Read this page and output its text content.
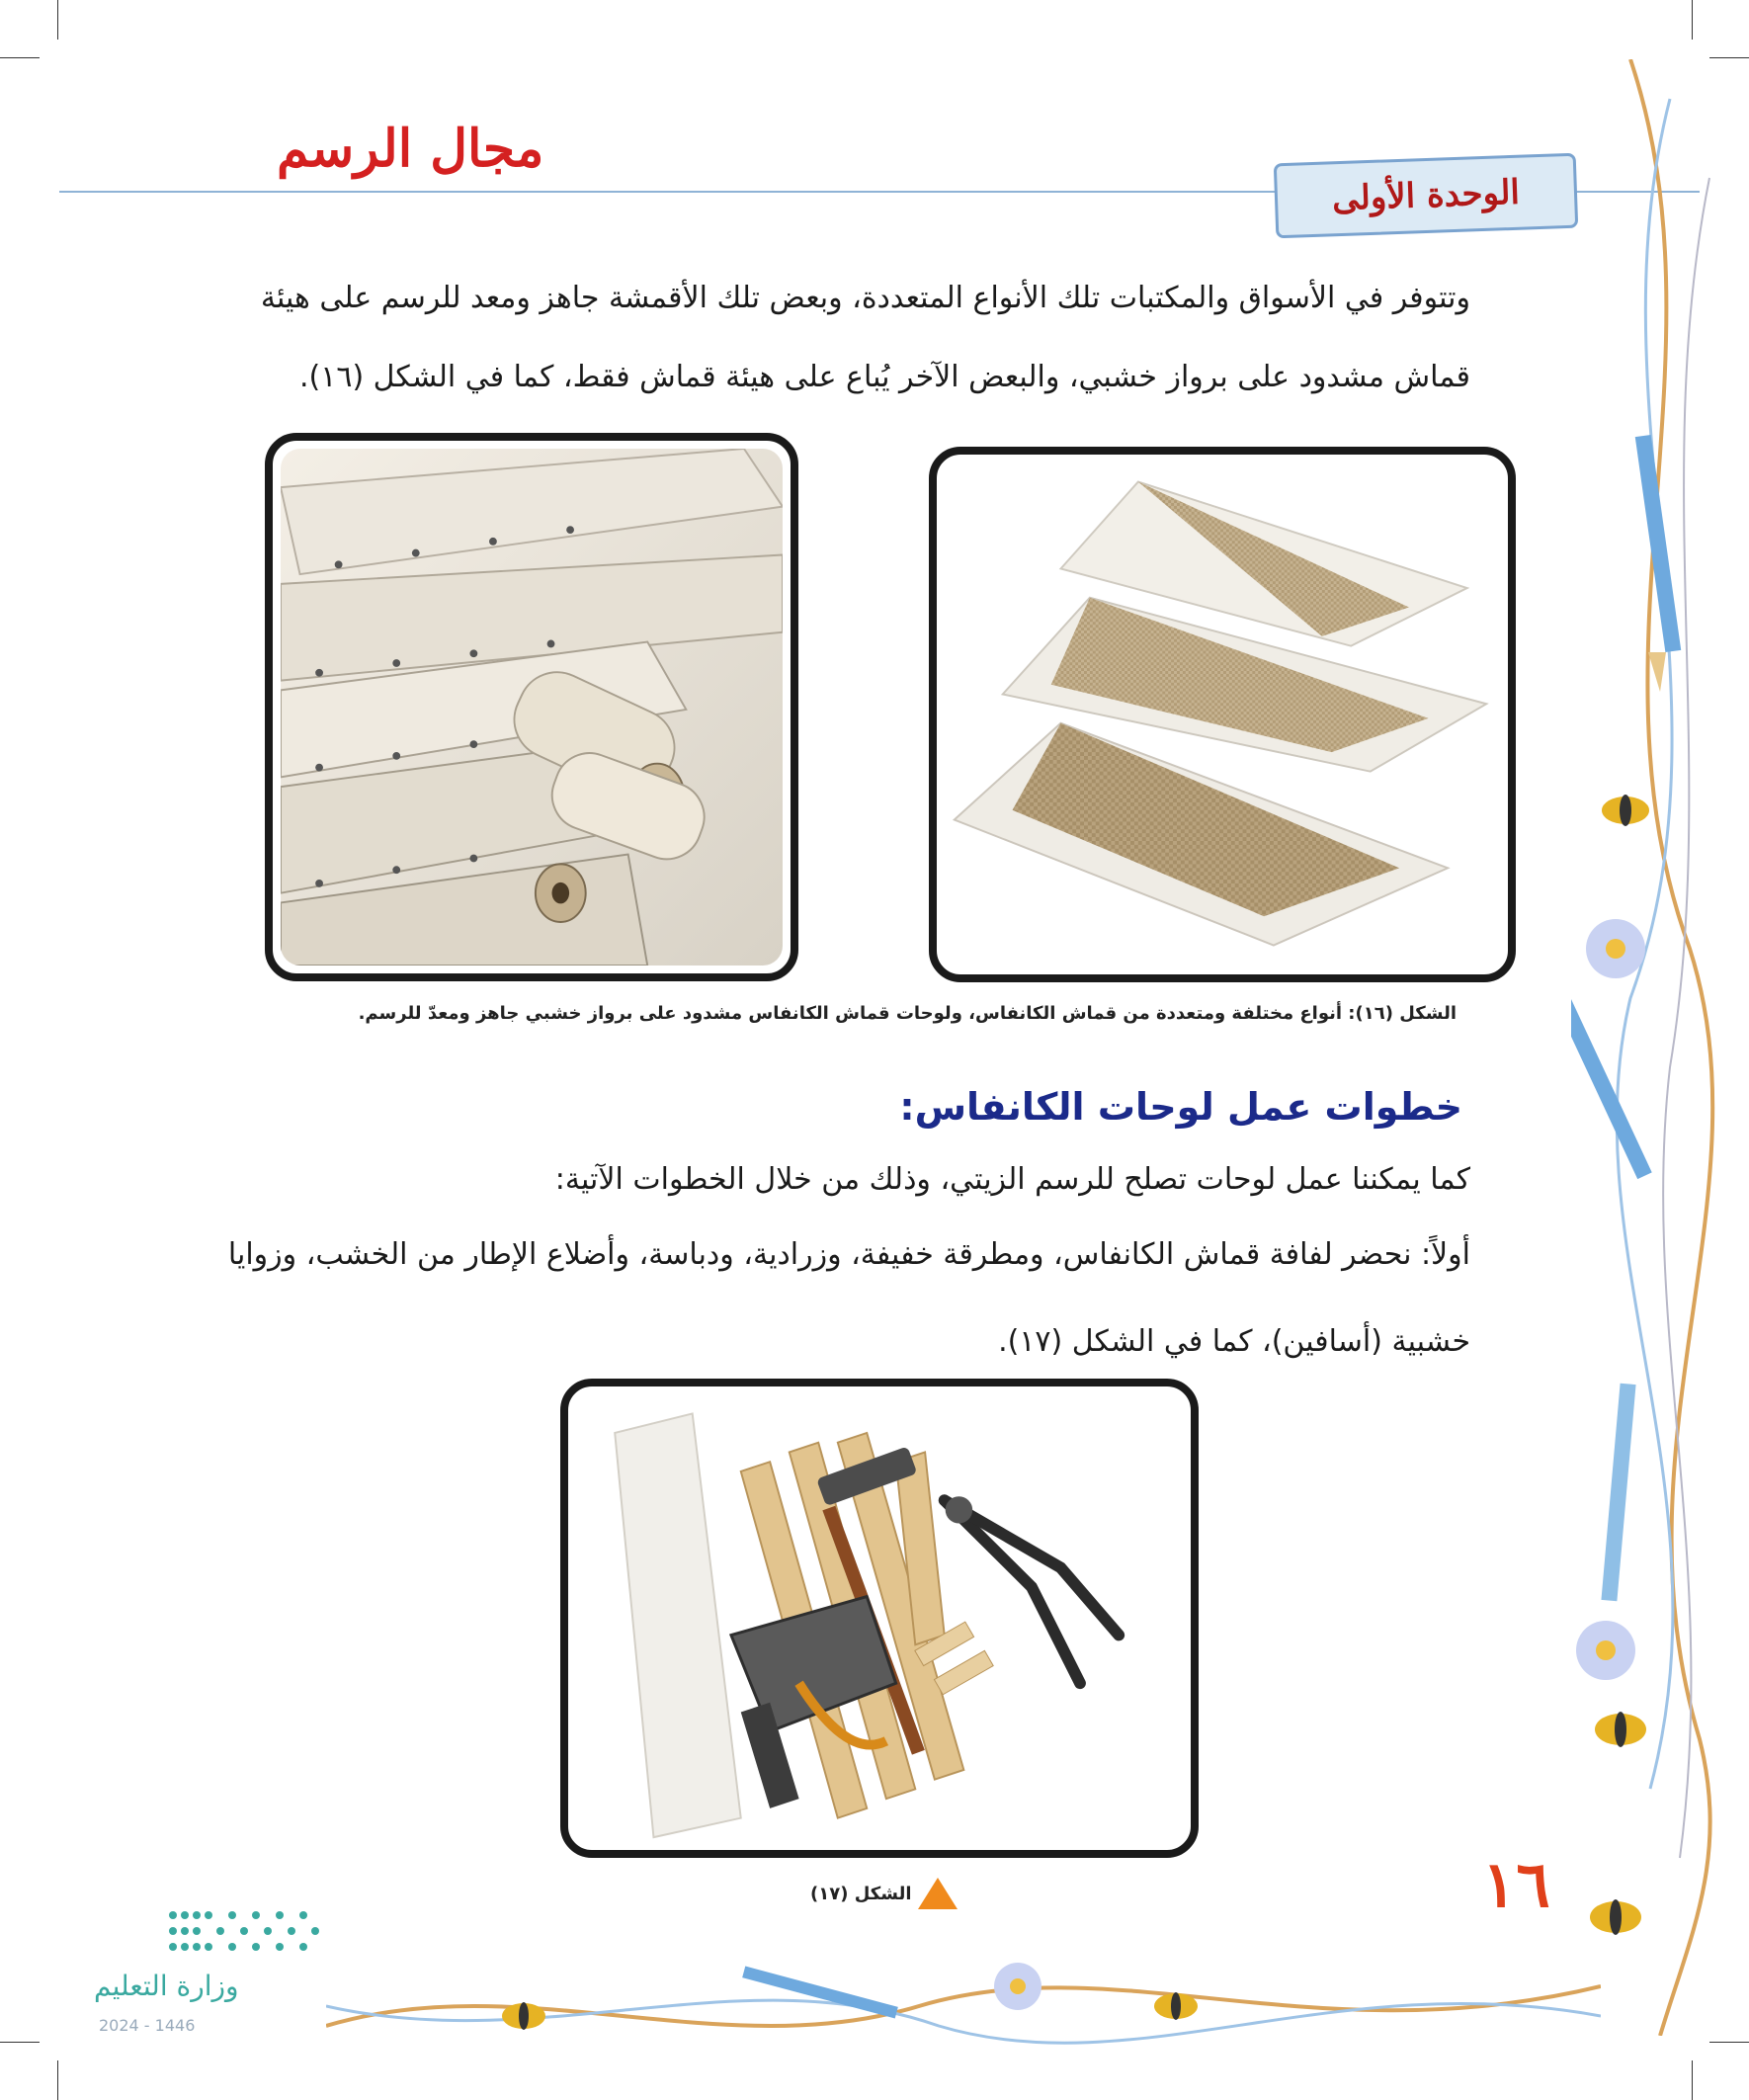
مجال الرسم
الوحدة الأولى
وتتوفر في الأسواق والمكتبات تلك الأنواع المتعددة، وبعض تلك الأقمشة جاهز ومعد للرسم على هيئة
قماش مشدود على برواز خشبي، والبعض الآخر يُباع على هيئة قماش فقط، كما في الشكل (١٦).
الشكل (١٦): أنواع مختلفة ومتعددة من قماش الكانفاس، ولوحات قماش الكانفاس مشدود على برواز خشبي جاهز ومعدّ للرسم.
خطوات عمل لوحات الكانفاس:
كما يمكننا عمل لوحات تصلح للرسم الزيتي، وذلك من خلال الخطوات الآتية:
أولاً: نحضر لفافة قماش الكانفاس، ومطرقة خفيفة، وزرادية، ودباسة، وأضلاع الإطار من الخشب، وزوايا
خشبية (أسافين)، كما في الشكل (١٧).
الشكل (١٧)	١٦
وزارة التعليم
2024 - 1446
